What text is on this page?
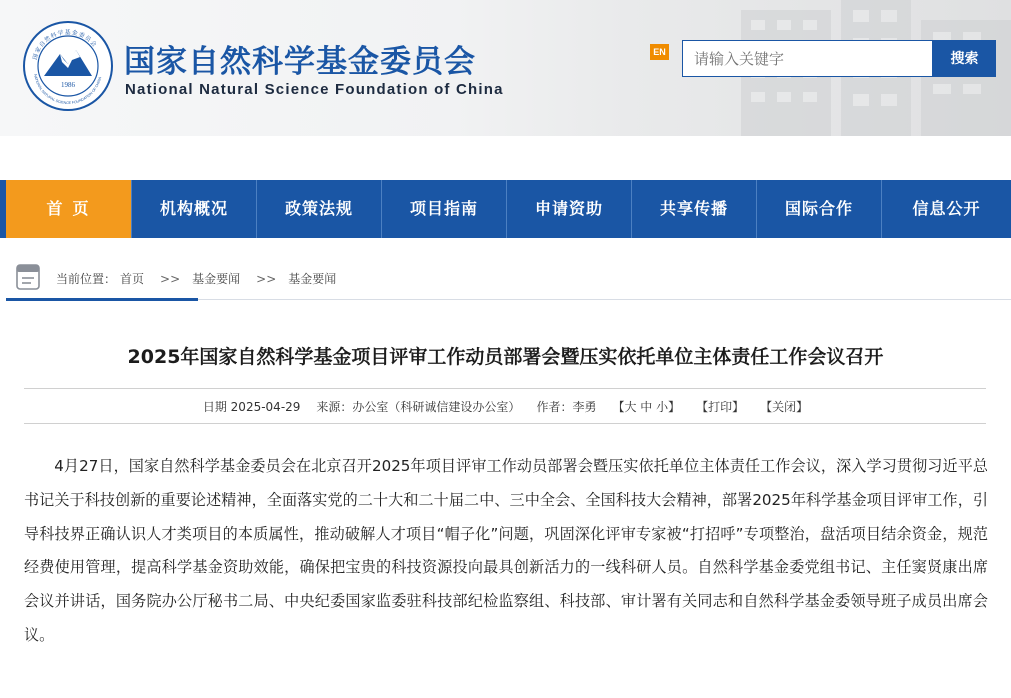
1986
国家自然科学基金委员会
NATIONAL NATURAL SCIENCE FOUNDATION OF CHINA 国家自然科学基金委员会
National Natural Science Foundation of China
EN
请输入关键字	搜索
首页	机构概况	政策法规	项目指南	申请资助	共享传播	国际合作	信息公开
当前位置： 首页 >> 基金要闻 >> 基金要闻
2025年国家自然科学基金项目评审工作动员部署会暨压实依托单位主体责任工作会议召开
日期 2025-04-29 来源：办公室（科研诚信建设办公室） 作者：李勇 【大 中 小】 【打印】 【关闭】

4月27日，国家自然科学基金委员会在北京召开2025年项目评审工作动员部署会暨压实依托单位主体责任工作会议，深入学习贯彻习近平总书记关于科技创新的重要论述精神，全面落实党的二十大和二十届二中、三中全会、全国科技大会精神，部署2025年科学基金项目评审工作，引导科技界正确认识人才类项目的本质属性，推动破解人才项目“帽子化”问题，巩固深化评审专家被“打招呼”专项整治，盘活项目结余资金，规范经费使用管理，提高科学基金资助效能，确保把宝贵的科技资源投向最具创新活力的一线科研人员。自然科学基金委党组书记、主任窦贤康出席会议并讲话，国务院办公厅秘书二局、中央纪委国家监委驻科技部纪检监察组、科技部、审计署有关同志和自然科学基金委领导班子成员出席会议。
